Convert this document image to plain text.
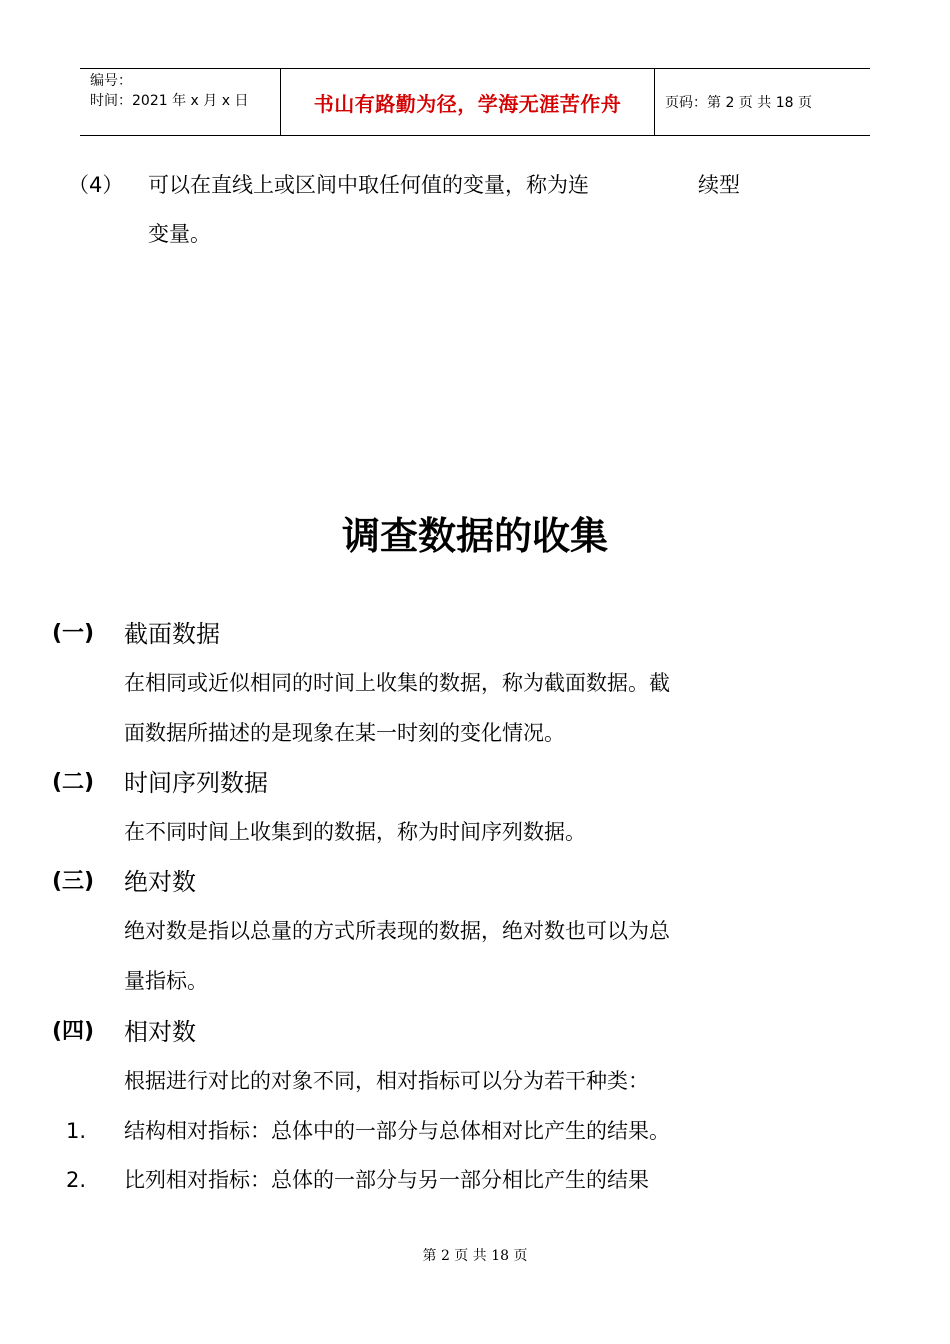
编号：
时间：2021 年 x 月 x 日	书山有路勤为径，学海无涯苦作舟	页码：第 2 页 共 18 页
（4） 可以在直线上或区间中取任何值的变量，称为连	续型
变量。
调查数据的收集
(一) 截面数据
在相同或近似相同的时间上收集的数据，称为截面数据。截
面数据所描述的是现象在某一时刻的变化情况。
(二) 时间序列数据
在不同时间上收集到的数据，称为时间序列数据。
(三) 绝对数
绝对数是指以总量的方式所表现的数据，绝对数也可以为总
量指标。
(四) 相对数
根据进行对比的对象不同，相对指标可以分为若干种类：
1. 结构相对指标：总体中的一部分与总体相对比产生的结果。
2. 比列相对指标：总体的一部分与另一部分相比产生的结果
第 2 页 共 18 页
